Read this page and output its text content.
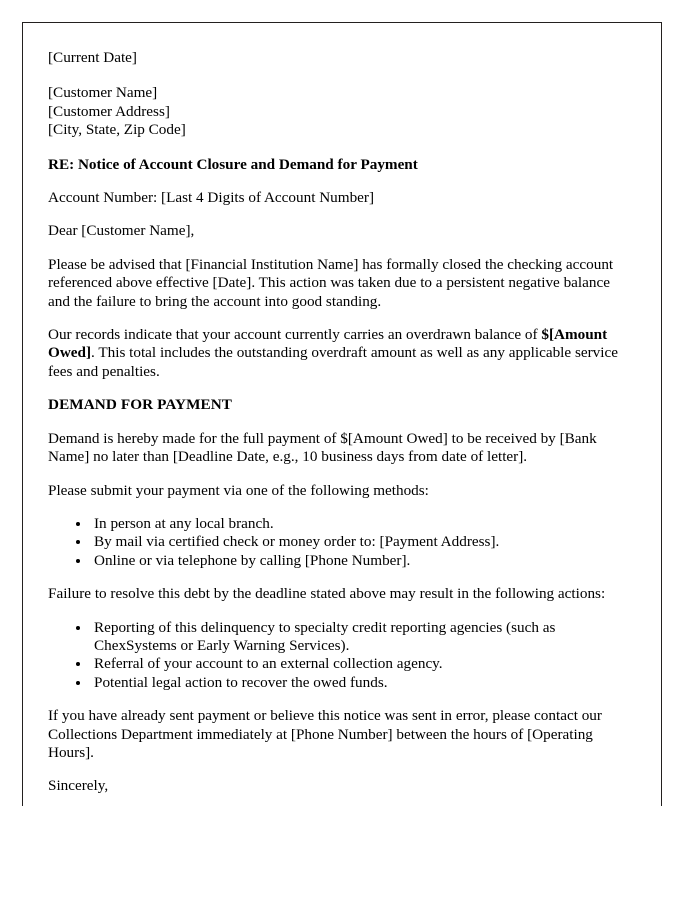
[Current Date]

[Customer Name]

[Customer Address]

[City, State, Zip Code]

RE: Notice of Account Closure and Demand for Payment

Account Number: [Last 4 Digits of Account Number]

Dear [Customer Name],

Please be advised that [Financial Institution Name] has formally closed the checking account referenced above effective [Date]. This action was taken due to a persistent negative balance and the failure to bring the account into good standing.

Our records indicate that your account currently carries an overdrawn balance of $[Amount Owed]. This total includes the outstanding overdraft amount as well as any applicable service fees and penalties.

DEMAND FOR PAYMENT

Demand is hereby made for the full payment of $[Amount Owed] to be received by [Bank Name] no later than [Deadline Date, e.g., 10 business days from date of letter].

Please submit your payment via one of the following methods:

• In person at any local branch.
• By mail via certified check or money order to: [Payment Address].
• Online or via telephone by calling [Phone Number].

Failure to resolve this debt by the deadline stated above may result in the following actions:

• Reporting of this delinquency to specialty credit reporting agencies (such as ChexSystems or Early Warning Services).
• Referral of your account to an external collection agency.
• Potential legal action to recover the owed funds.

If you have already sent payment or believe this notice was sent in error, please contact our Collections Department immediately at [Phone Number] between the hours of [Operating Hours].

Sincerely,
